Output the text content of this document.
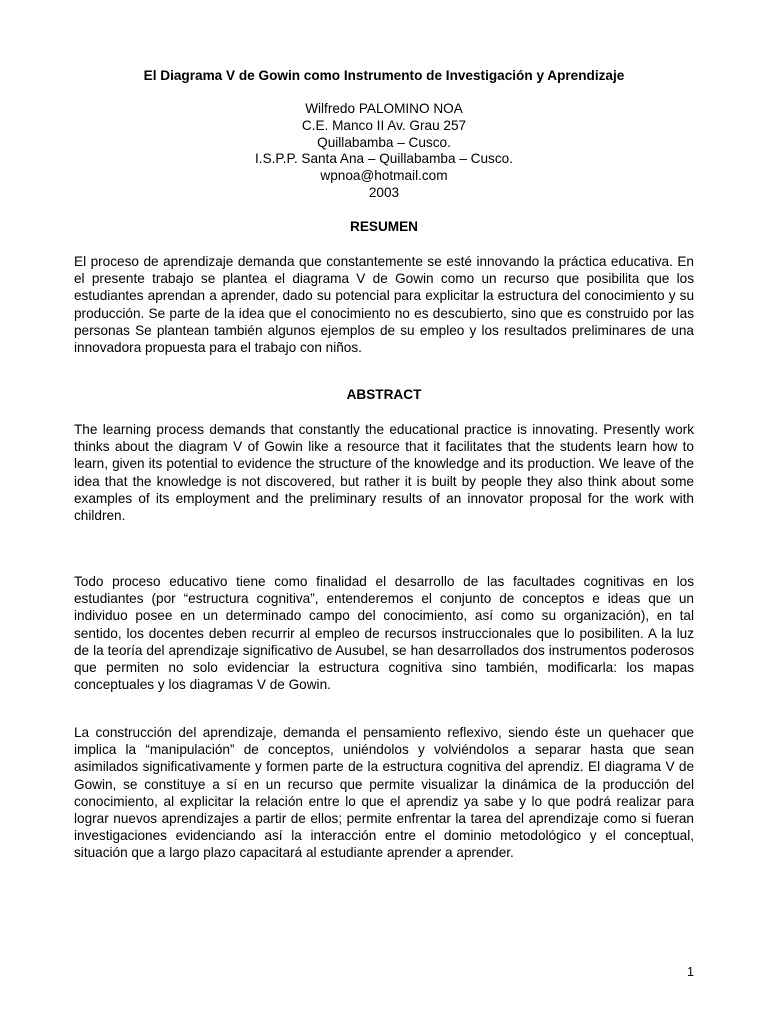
El Diagrama V de Gowin como Instrumento de Investigación y Aprendizaje
Wilfredo PALOMINO NOA
C.E. Manco II Av. Grau 257
Quillabamba – Cusco.
I.S.P.P. Santa Ana – Quillabamba – Cusco.
wpnoa@hotmail.com
2003
RESUMEN
El proceso de aprendizaje demanda que constantemente se esté innovando la práctica educativa. En el presente trabajo se plantea el diagrama V de Gowin como un recurso que posibilita que los estudiantes aprendan a aprender, dado su potencial para explicitar la estructura del conocimiento y su producción. Se parte de la idea que el conocimiento no es descubierto, sino que es construido por las personas Se plantean también algunos ejemplos de su empleo y los resultados preliminares de una innovadora propuesta para el trabajo con niños.
ABSTRACT
The learning process demands that constantly the educational practice is innovating. Presently work thinks about the diagram V of Gowin like a resource that it facilitates that the students learn how to learn, given its potential to evidence the structure of the knowledge and its production. We leave of the idea that the knowledge is not discovered, but rather it is built by people they also think about some examples of its employment and the preliminary results of an innovator proposal for the work with children.
Todo proceso educativo tiene como finalidad el desarrollo de las facultades cognitivas en los estudiantes (por “estructura cognitiva”, entenderemos el conjunto de conceptos e ideas que un individuo posee en un determinado campo del conocimiento, así como su organización), en tal sentido, los docentes deben recurrir al empleo de recursos instruccionales que lo posibiliten. A la luz de la teoría del aprendizaje significativo de Ausubel, se han desarrollados dos instrumentos poderosos que permiten no solo evidenciar la estructura cognitiva sino también, modificarla: los mapas conceptuales y los diagramas V de Gowin.
La construcción del aprendizaje, demanda el pensamiento reflexivo, siendo éste un quehacer que implica la “manipulación” de conceptos, uniéndolos y volviéndolos a separar hasta que sean asimilados significativamente y formen parte de la estructura cognitiva del aprendiz. El diagrama V de Gowin, se constituye a sí en un recurso que permite visualizar la dinámica de la producción del conocimiento, al explicitar la relación entre lo que el aprendiz ya sabe y lo que podrá realizar para lograr nuevos aprendizajes a partir de ellos; permite enfrentar la tarea del aprendizaje como si fueran investigaciones evidenciando así la interacción entre el dominio metodológico y el conceptual, situación que a largo plazo capacitará al estudiante aprender a aprender.
1
